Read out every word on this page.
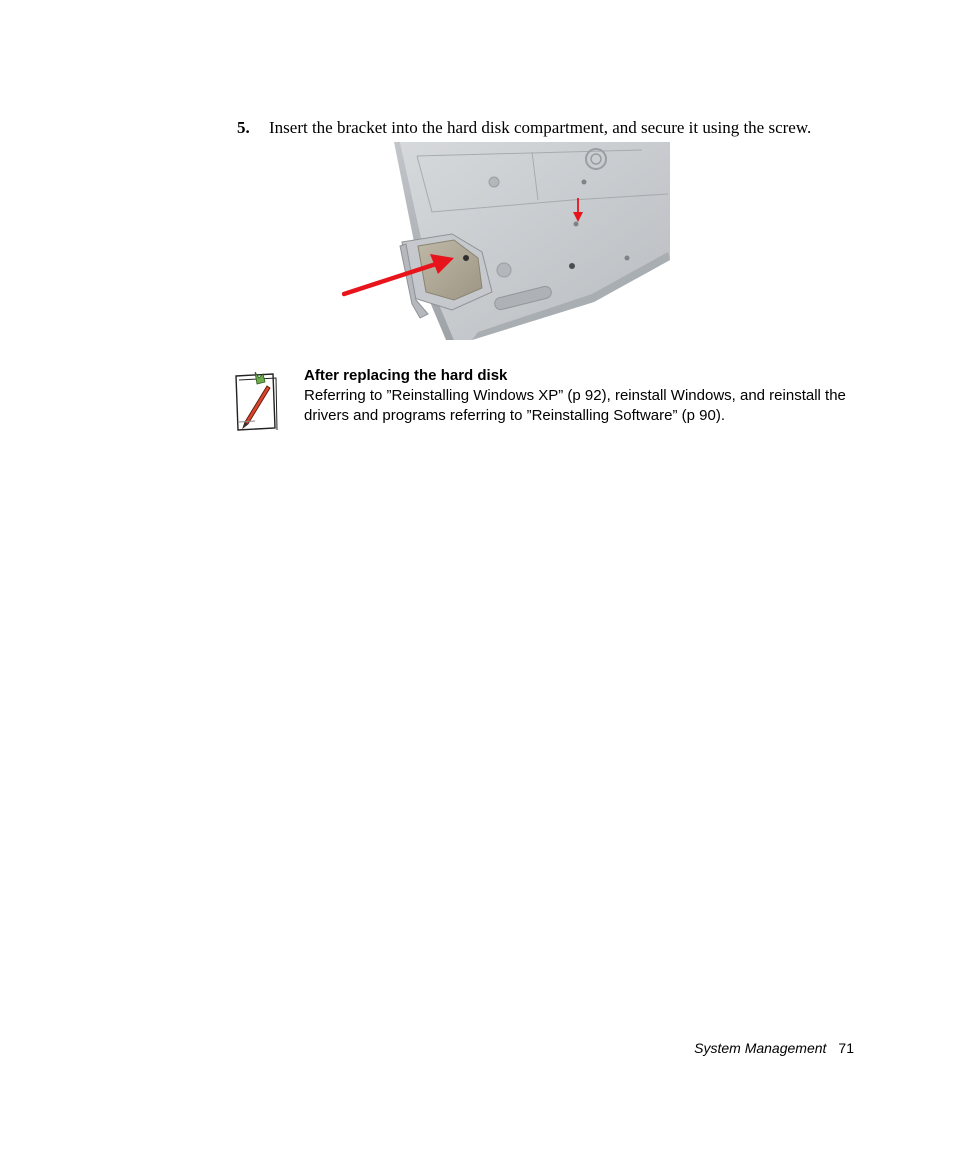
5. Insert the bracket into the hard disk compartment, and secure it using the screw.
After replacing the hard disk
Referring to ”Reinstalling Windows XP” (p 92), reinstall Windows, and reinstall the drivers and programs referring to ”Reinstalling Software” (p 90).
System Management 71
